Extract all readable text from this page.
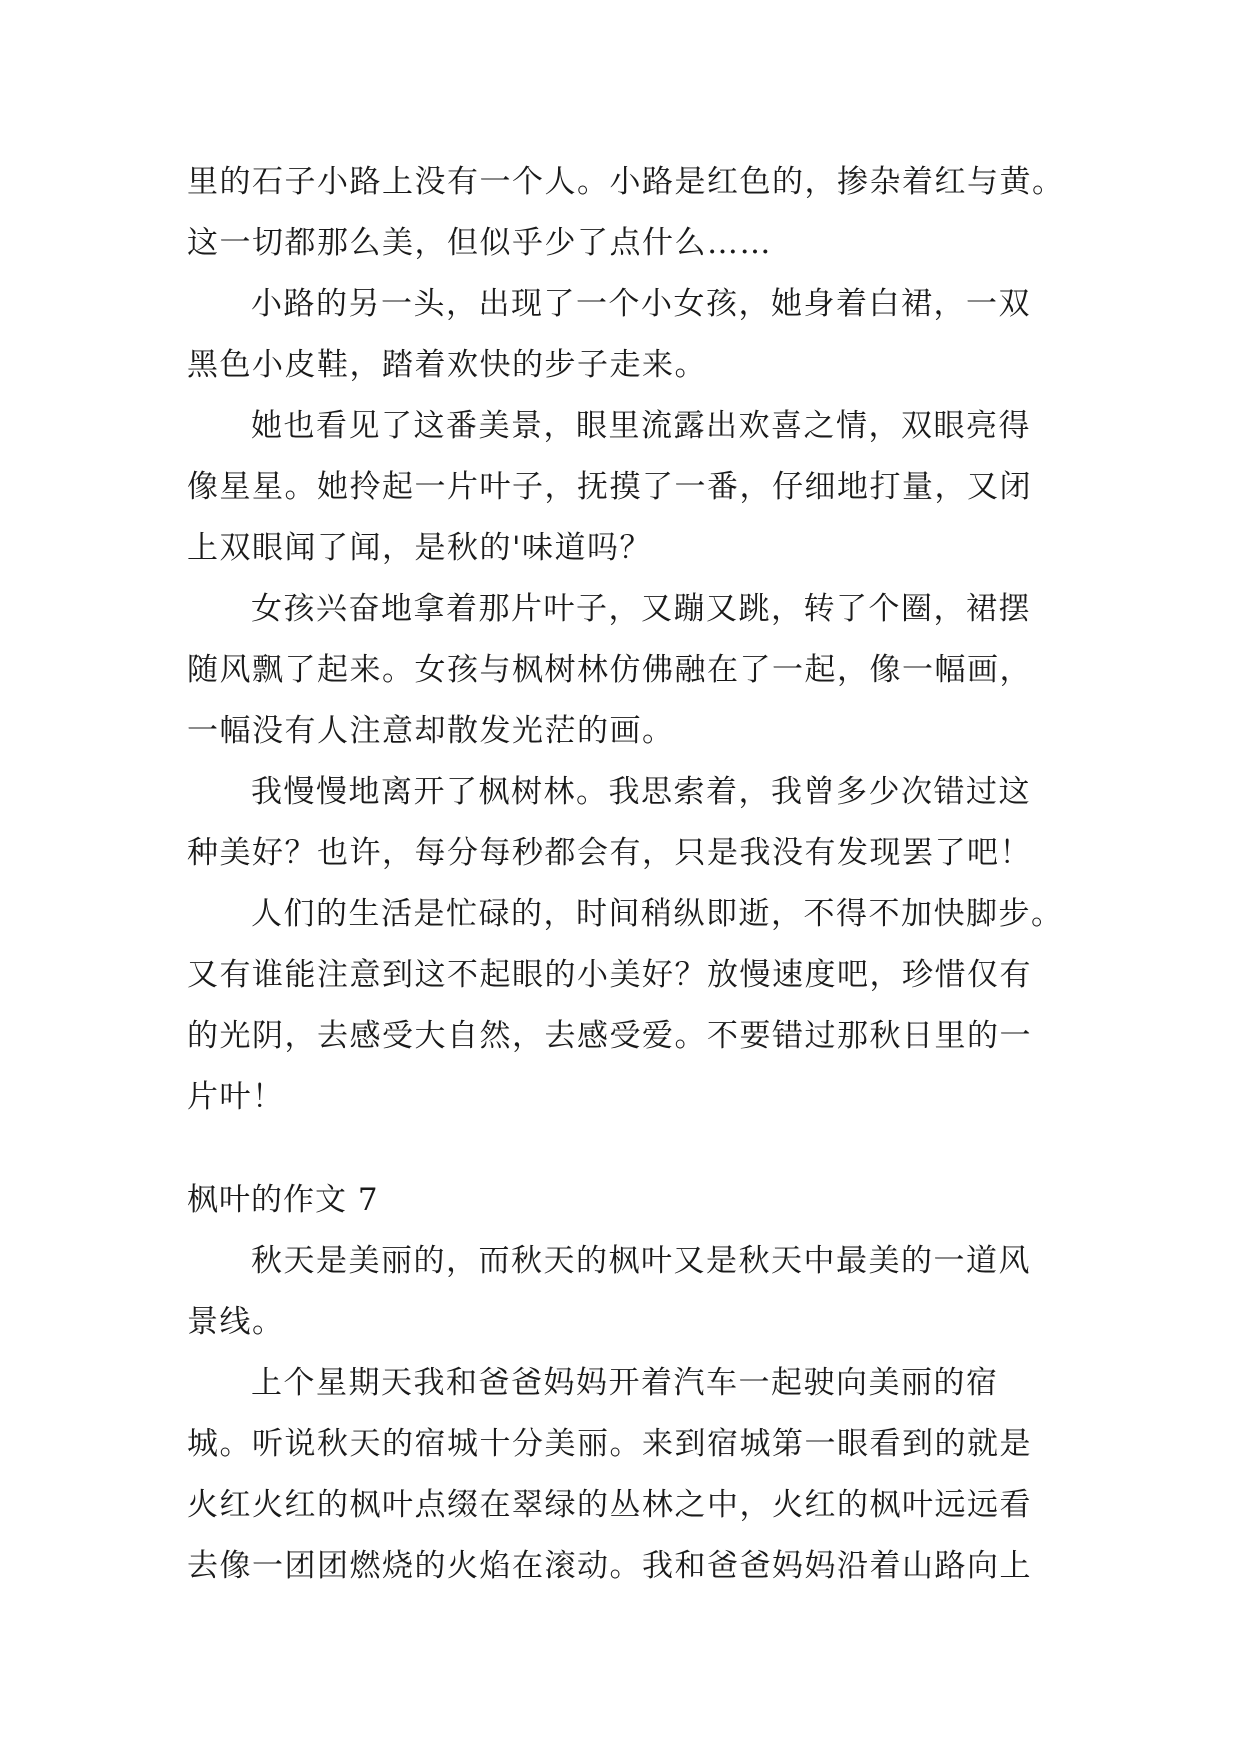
里的石子小路上没有一个人。小路是红色的，掺杂着红与黄。
这一切都那么美，但似乎少了点什么……
小路的另一头，出现了一个小女孩，她身着白裙，一双
黑色小皮鞋，踏着欢快的步子走来。
她也看见了这番美景，眼里流露出欢喜之情，双眼亮得
像星星。她拎起一片叶子，抚摸了一番，仔细地打量，又闭
上双眼闻了闻，是秋的'味道吗？
女孩兴奋地拿着那片叶子，又蹦又跳，转了个圈，裙摆
随风飘了起来。女孩与枫树林仿佛融在了一起，像一幅画，
一幅没有人注意却散发光茫的画。
我慢慢地离开了枫树林。我思索着，我曾多少次错过这
种美好？也许，每分每秒都会有，只是我没有发现罢了吧！
人们的生活是忙碌的，时间稍纵即逝，不得不加快脚步。
又有谁能注意到这不起眼的小美好？放慢速度吧，珍惜仅有
的光阴，去感受大自然，去感受爱。不要错过那秋日里的一
片叶！
枫叶的作文 7
秋天是美丽的，而秋天的枫叶又是秋天中最美的一道风
景线。
上个星期天我和爸爸妈妈开着汽车一起驶向美丽的宿
城。听说秋天的宿城十分美丽。来到宿城第一眼看到的就是
火红火红的枫叶点缀在翠绿的丛林之中，火红的枫叶远远看
去像一团团燃烧的火焰在滚动。我和爸爸妈妈沿着山路向上
